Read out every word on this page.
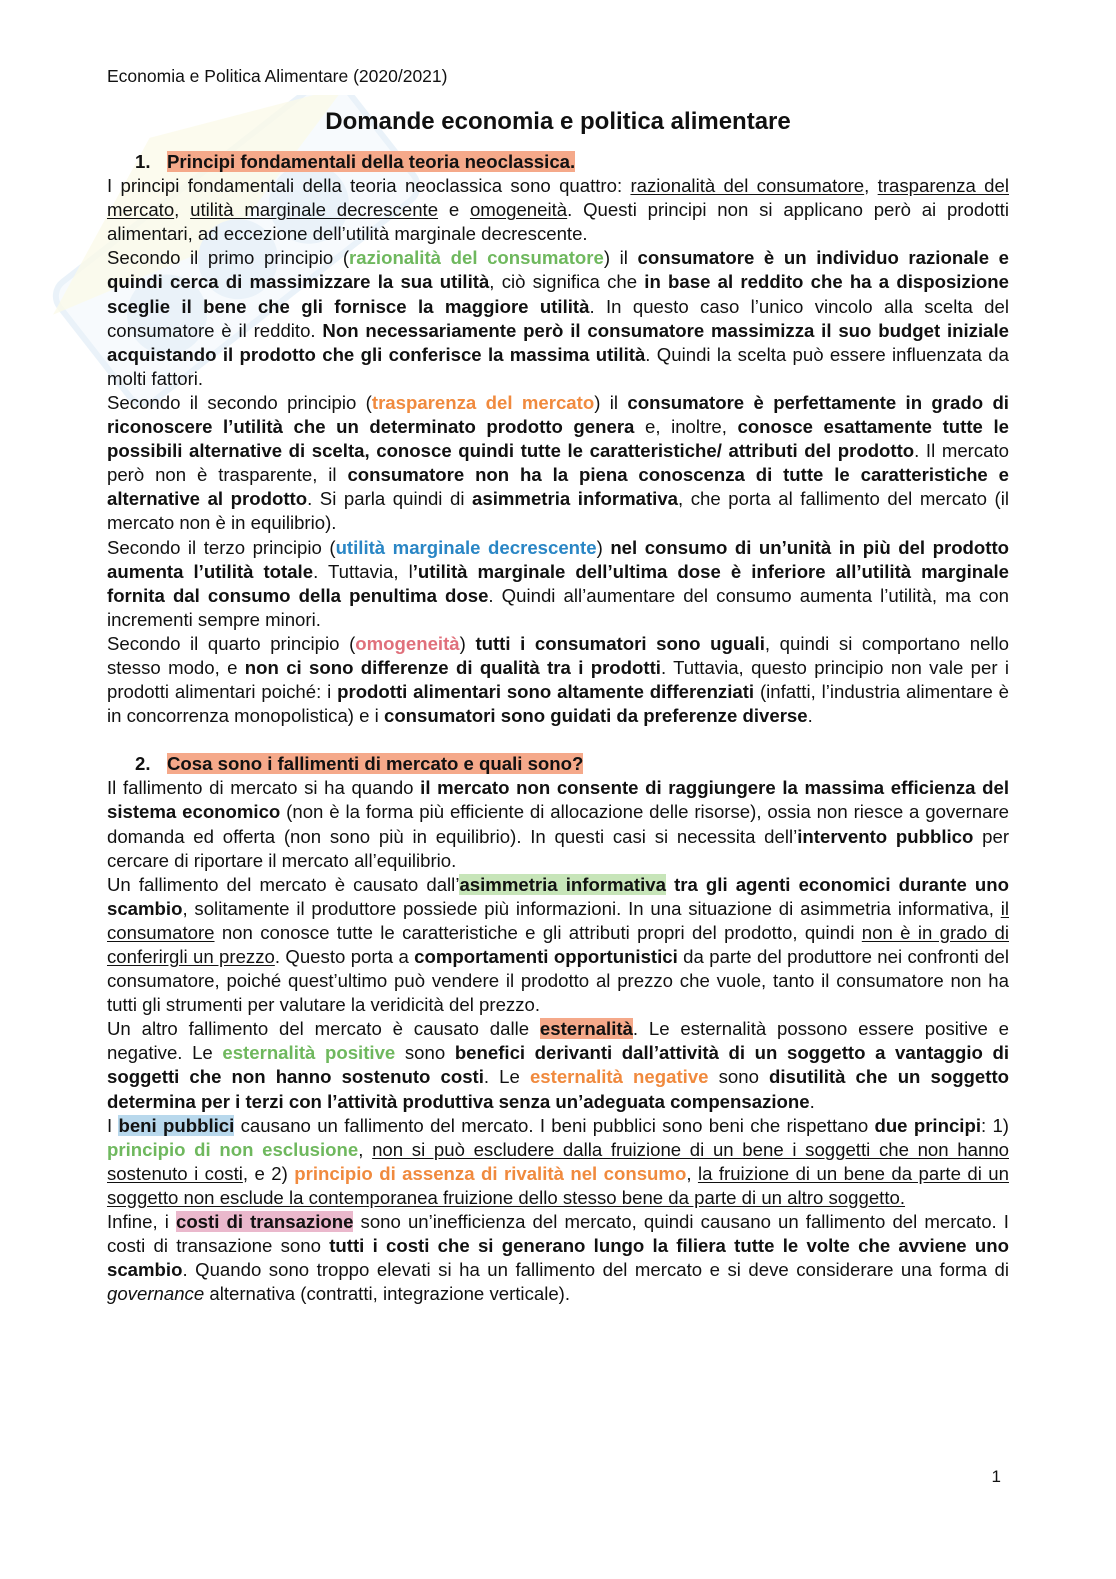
Economia e Politica Alimentare (2020/2021)
Domande economia e politica alimentare
1. Principi fondamentali della teoria neoclassica.

I principi fondamentali della teoria neoclassica sono quattro: razionalità del consumatore, trasparenza del mercato, utilità marginale decrescente e omogeneità. Questi principi non si applicano però ai prodotti alimentari, ad eccezione dell’utilità marginale decrescente.

Secondo il primo principio (razionalità del consumatore) il consumatore è un individuo razionale e quindi cerca di massimizzare la sua utilità, ciò significa che in base al reddito che ha a disposizione sceglie il bene che gli fornisce la maggiore utilità. In questo caso l’unico vincolo alla scelta del consumatore è il reddito. Non necessariamente però il consumatore massimizza il suo budget iniziale acquistando il prodotto che gli conferisce la massima utilità. Quindi la scelta può essere influenzata da molti fattori.

Secondo il secondo principio (trasparenza del mercato) il consumatore è perfettamente in grado di riconoscere l’utilità che un determinato prodotto genera e, inoltre, conosce esattamente tutte le possibili alternative di scelta, conosce quindi tutte le caratteristiche/ attributi del prodotto. Il mercato però non è trasparente, il consumatore non ha la piena conoscenza di tutte le caratteristiche e alternative al prodotto. Si parla quindi di asimmetria informativa, che porta al fallimento del mercato (il mercato non è in equilibrio).

Secondo il terzo principio (utilità marginale decrescente) nel consumo di un’unità in più del prodotto aumenta l’utilità totale. Tuttavia, l’utilità marginale dell’ultima dose è inferiore all’utilità marginale fornita dal consumo della penultima dose. Quindi all’aumentare del consumo aumenta l’utilità, ma con incrementi sempre minori.

Secondo il quarto principio (omogeneità) tutti i consumatori sono uguali, quindi si comportano nello stesso modo, e non ci sono differenze di qualità tra i prodotti. Tuttavia, questo principio non vale per i prodotti alimentari poiché: i prodotti alimentari sono altamente differenziati (infatti, l’industria alimentare è in concorrenza monopolistica) e i consumatori sono guidati da preferenze diverse.

2. Cosa sono i fallimenti di mercato e quali sono?

Il fallimento di mercato si ha quando il mercato non consente di raggiungere la massima efficienza del sistema economico (non è la forma più efficiente di allocazione delle risorse), ossia non riesce a governare domanda ed offerta (non sono più in equilibrio). In questi casi si necessita dell’intervento pubblico per cercare di riportare il mercato all’equilibrio.

Un fallimento del mercato è causato dall’asimmetria informativa tra gli agenti economici durante uno scambio, solitamente il produttore possiede più informazioni. In una situazione di asimmetria informativa, il consumatore non conosce tutte le caratteristiche e gli attributi propri del prodotto, quindi non è in grado di conferirgli un prezzo. Questo porta a comportamenti opportunistici da parte del produttore nei confronti del consumatore, poiché quest’ultimo può vendere il prodotto al prezzo che vuole, tanto il consumatore non ha tutti gli strumenti per valutare la veridicità del prezzo.

Un altro fallimento del mercato è causato dalle esternalità. Le esternalità possono essere positive e negative. Le esternalità positive sono benefici derivanti dall’attività di un soggetto a vantaggio di soggetti che non hanno sostenuto costi. Le esternalità negative sono disutilità che un soggetto determina per i terzi con l’attività produttiva senza un’adeguata compensazione.

I beni pubblici causano un fallimento del mercato. I beni pubblici sono beni che rispettano due principi: 1) principio di non esclusione, non si può escludere dalla fruizione di un bene i soggetti che non hanno sostenuto i costi, e 2) principio di assenza di rivalità nel consumo, la fruizione di un bene da parte di un soggetto non esclude la contemporanea fruizione dello stesso bene da parte di un altro soggetto.

Infine, i costi di transazione sono un’inefficienza del mercato, quindi causano un fallimento del mercato. I costi di transazione sono tutti i costi che si generano lungo la filiera tutte le volte che avviene uno scambio. Quando sono troppo elevati si ha un fallimento del mercato e si deve considerare una forma di governance alternativa (contratti, integrazione verticale).

1
